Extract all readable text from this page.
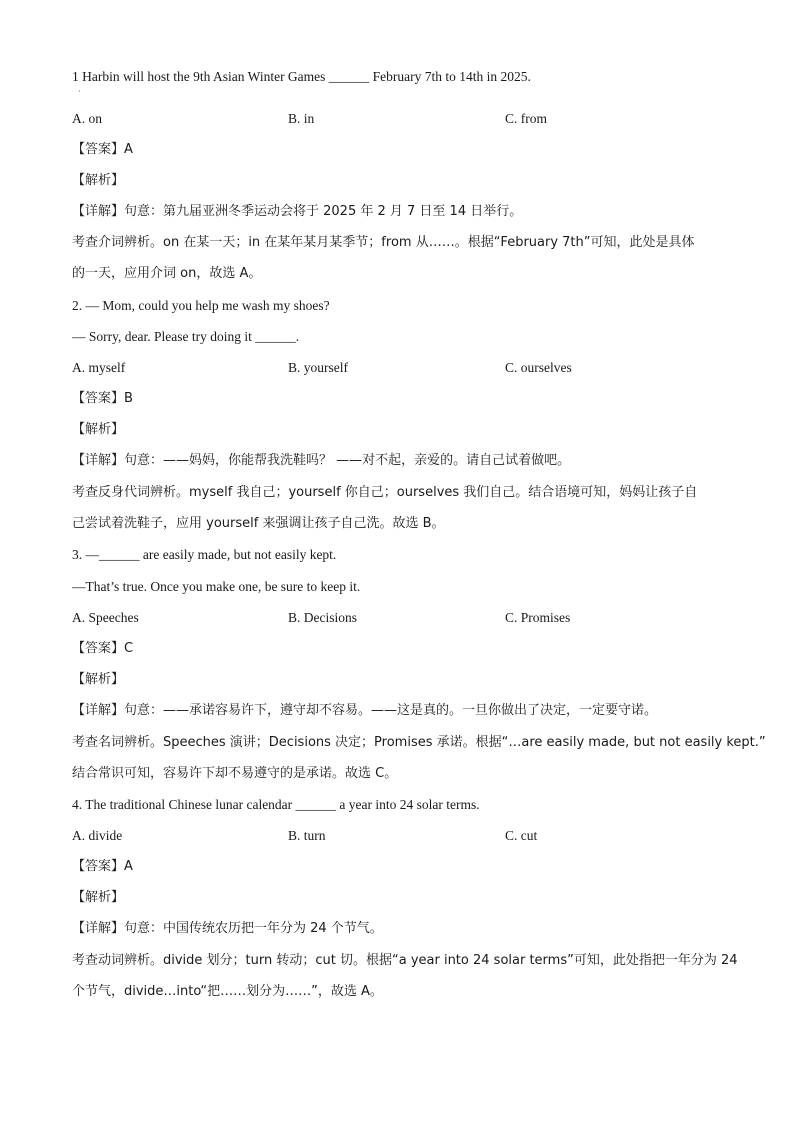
1 Harbin will host the 9th Asian Winter Games ______ February 7th to 14th in 2025.
·
A. on	B. in	C. from
【答案】A
【解析】
【详解】句意：第九届亚洲冬季运动会将于 2025 年 2 月 7 日至 14 日举行。
考查介词辨析。on 在某一天；in 在某年某月某季节；from 从……。根据“February 7th”可知，此处是具体
的一天，应用介词 on，故选 A。
2. — Mom, could you help me wash my shoes?
— Sorry, dear. Please try doing it ______.
A. myself	B. yourself	C. ourselves
【答案】B
【解析】
【详解】句意：——妈妈，你能帮我洗鞋吗？ ——对不起，亲爱的。请自己试着做吧。
考查反身代词辨析。myself 我自己；yourself 你自己；ourselves 我们自己。结合语境可知，妈妈让孩子自
己尝试着洗鞋子，应用 yourself 来强调让孩子自己洗。故选 B。
3. —______ are easily made, but not easily kept.
—That’s true. Once you make one, be sure to keep it.
A. Speeches	B. Decisions	C. Promises
【答案】C
【解析】
【详解】句意：——承诺容易许下，遵守却不容易。——这是真的。一旦你做出了决定，一定要守诺。
考查名词辨析。Speeches 演讲；Decisions 决定；Promises 承诺。根据“…are easily made, but not easily kept.”
结合常识可知，容易许下却不易遵守的是承诺。故选 C。
4. The traditional Chinese lunar calendar ______ a year into 24 solar terms.
A. divide	B. turn	C. cut
【答案】A
【解析】
【详解】句意：中国传统农历把一年分为 24 个节气。
考查动词辨析。divide 划分；turn 转动；cut 切。根据“a year into 24 solar terms”可知，此处指把一年分为 24
个节气，divide…into“把……划分为……”，故选 A。
